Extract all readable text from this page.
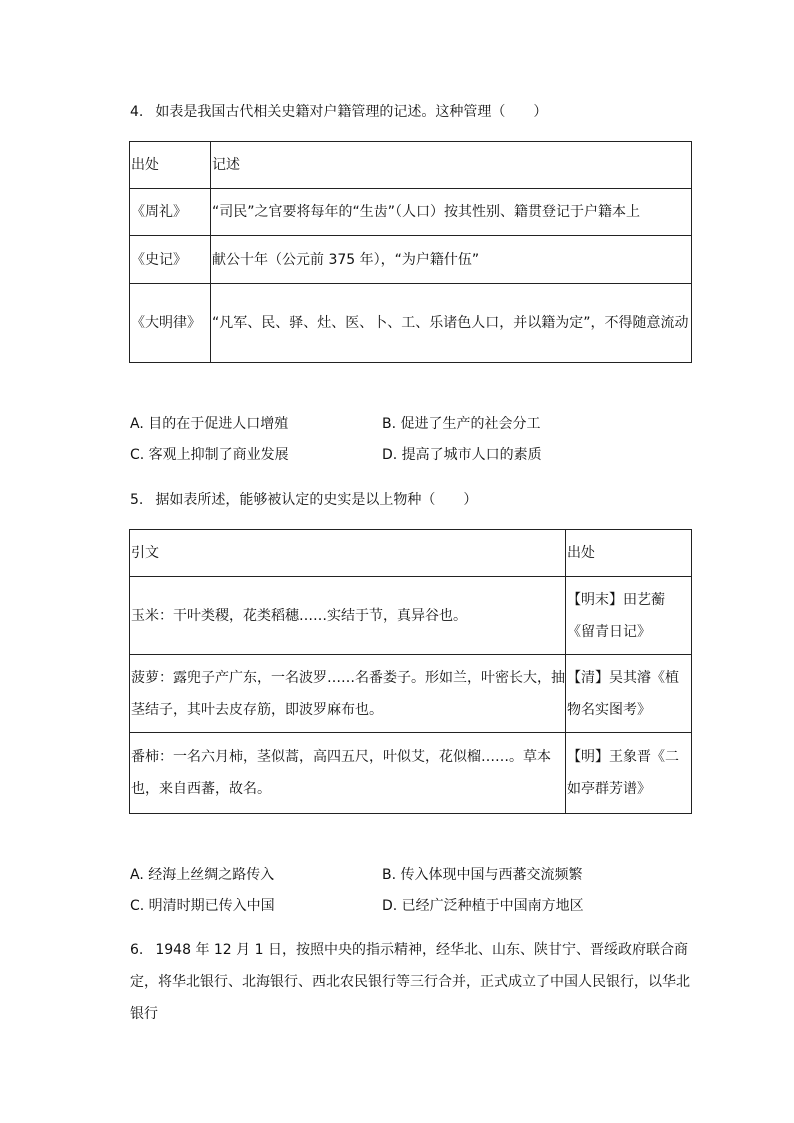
4. 如表是我国古代相关史籍对户籍管理的记述。这种管理（　　）
出处	记述

《周礼》	“司民”之官要将每年的“生齿”（人口）按其性别、籍贯登记于户籍本上

《史记》	献公十年（公元前 375 年），“为户籍什伍”

《大明律》	“凡军、民、驿、灶、医、卜、工、乐诸色人口，并以籍为定”，不得随意流动
A. 目的在于促进人口增殖	B. 促进了生产的社会分工
C. 客观上抑制了商业发展	D. 提高了城市人口的素质
5. 据如表所述，能够被认定的史实是以上物种（　　）
引文	出处

玉米：干叶类稷，花类稻穗……实结于节，真异谷也。	【明末】田艺蘅《留青日记》

菠萝：露兜子产广东，一名波罗……名番娄子。形如兰，叶密长大，抽茎结子，其叶去皮存筋，即波罗麻布也。	【清】吴其濬《植物名实图考》

番柿：一名六月柿，茎似蒿，高四五尺，叶似艾，花似榴……。草本也，来自西蕃，故名。	【明】王象晋《二如亭群芳谱》
A. 经海上丝绸之路传入	B. 传入体现中国与西蕃交流频繁
C. 明清时期已传入中国	D. 已经广泛种植于中国南方地区
6. 1948 年 12 月 1 日，按照中央的指示精神，经华北、山东、陕甘宁、晋绥政府联合商定，将华北银行、北海银行、西北农民银行等三行合并，正式成立了中国人民银行，以华北银行
